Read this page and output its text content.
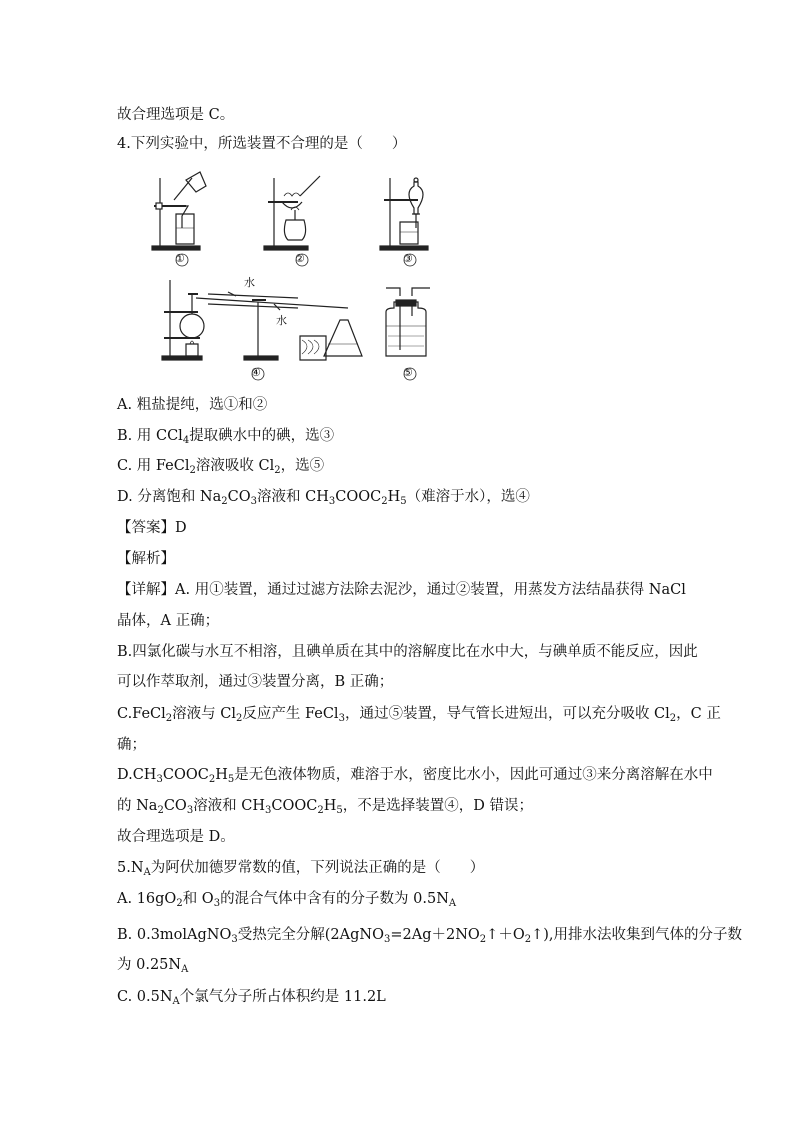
故合理选项是 C。
4.下列实验中，所选装置不合理的是（　　）
①	②	③
④	⑤
水
水
A. 粗盐提纯，选①和②
B. 用 CCl$_4$提取碘水中的碘，选③
C. 用 FeCl$_2$溶液吸收 $Cl_2$，选⑤
D. 分离饱和 $Na_2CO_3$溶液和 $CH_3COOC_2H_5$（难溶于水），选④
【答案】D
【解析】
【详解】A. 用①装置，通过过滤方法除去泥沙，通过②装置，用蒸发方法结晶获得 NaCl
晶体，A 正确；
B.四氯化碳与水互不相溶，且碘单质在其中的溶解度比在水中大，与碘单质不能反应，因此
可以作萃取剂，通过③装置分离，B 正确；
C.FeCl$_2$溶液与 $Cl_2$反应产生 FeCl$_3$，通过⑤装置，导气管长进短出，可以充分吸收 $Cl_2$，C 正
确；
$D.CH_3COOC_2H_5$是无色液体物质，难溶于水，密度比水小，因此可通过③来分离溶解在水中
的 $Na_2CO_3$溶液和 $CH_3COOC_2H_5$，不是选择装置④，D 错误；
故合理选项是 D。
$5.N_A$为阿伏加德罗常数的值，下列说法正确的是（　　）
A. $16gO_2$和 $O_3$的混合气体中含有的分子数为 $0.5N_A$
B. 0.3molAgNO$_3$受热完全分解$(2AgNO_3=2Ag+2NO_2↑+O_2↑)$,用排水法收集到气体的分子数
为 $0.25N_A$
C. $0.5N_A$个氯气分子所占体积约是 11.2L
